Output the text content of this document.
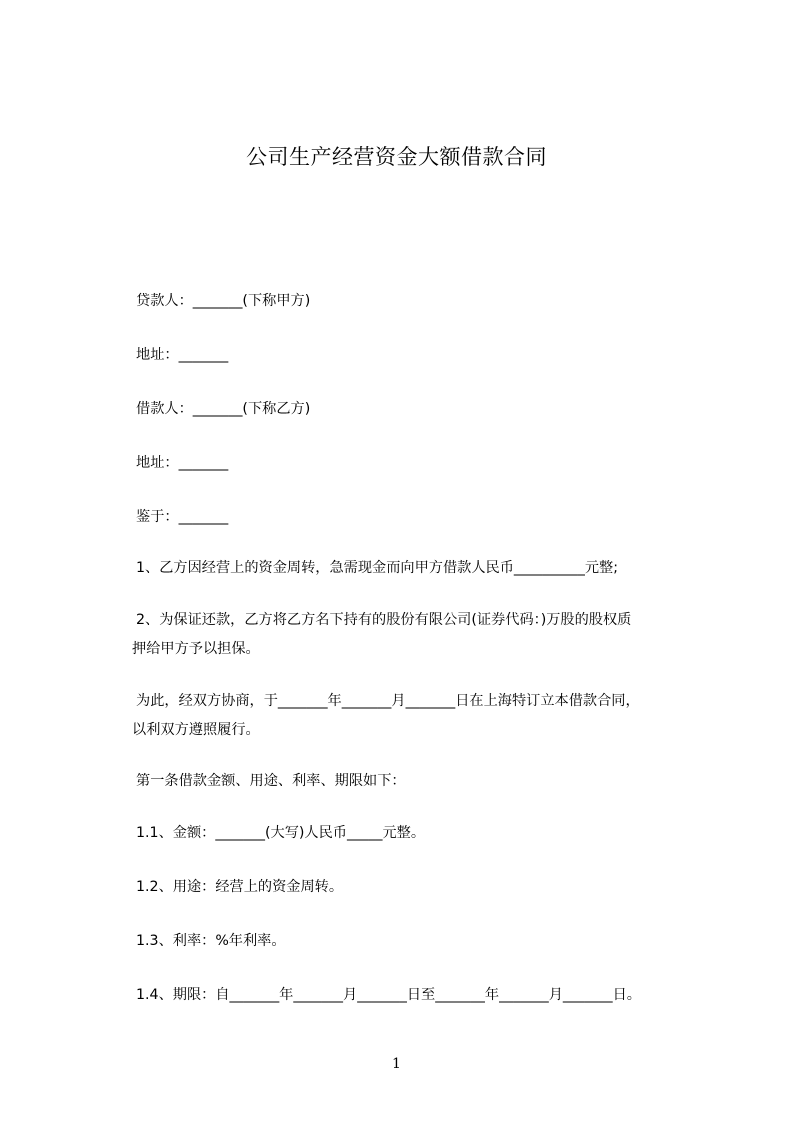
公司生产经营资金大额借款合同
贷款人：_______(下称甲方)
地址：_______
借款人：_______(下称乙方)
地址：_______
鉴于：_______
1、乙方因经营上的资金周转，急需现金而向甲方借款人民币__________元整;
2、为保证还款，乙方将乙方名下持有的股份有限公司(证券代码：)万股的股权质
押给甲方予以担保。
为此，经双方协商，于_______年_______月_______日在上海特订立本借款合同，
以利双方遵照履行。
第一条借款金额、用途、利率、期限如下：
1.1、金额：_______(大写)人民币_____元整。
1.2、用途：经营上的资金周转。
1.3、利率：%年利率。
1.4、期限：自_______年_______月_______日至_______年_______月_______日。
1
